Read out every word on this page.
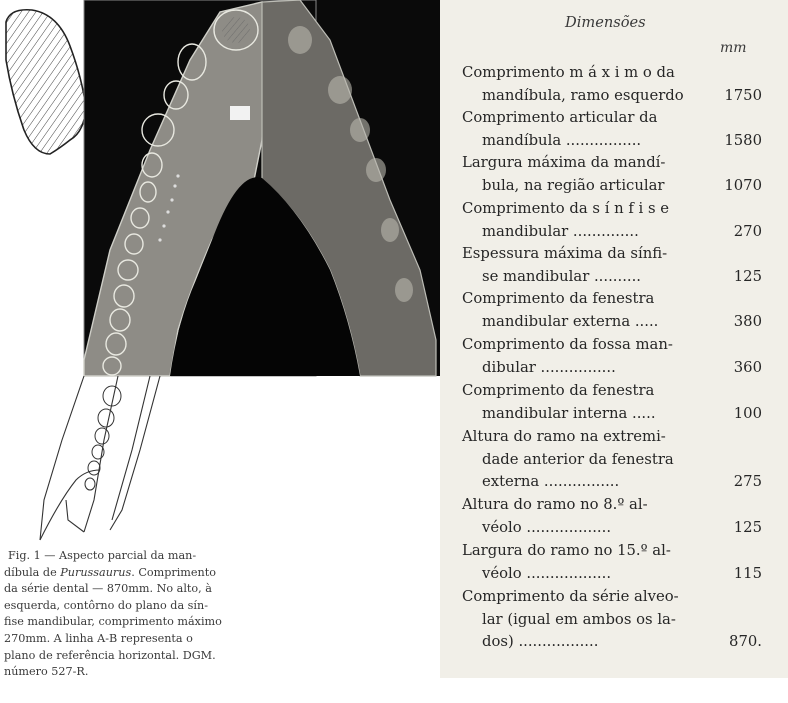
Fig. 1 — Aspecto parcial da man-
díbula de Purussaurus. Comprimento
da série dental — 870mm. No alto, à
esquerda, contôrno do plano da sín-
fise mandibular, comprimento máximo
270mm. A linha A-B representa o
plano de referência horizontal. DGM.
número 527-R.
Dimensões
mm
Comprimento m á x i m o da
mandíbula, ramo esquerdo	1750
Comprimento articular da
mandíbula ................	1580
Largura máxima da mandí-
bula, na região articular	1070
Comprimento da s í n f i s e
mandibular ..............	270
Espessura máxima da sínfi-
se mandibular ..........	125
Comprimento da fenestra
mandibular externa .....	380
Comprimento da fossa man-
dibular ................	360
Comprimento da fenestra
mandibular interna .....	100
Altura do ramo na extremi-
dade anterior da fenestra
externa ................	275
Altura do ramo no 8.º al-
véolo ..................	125
Largura do ramo no 15.º al-
véolo ..................	115
Comprimento da série alveo-
lar (igual em ambos os la-
dos) .................	870.
